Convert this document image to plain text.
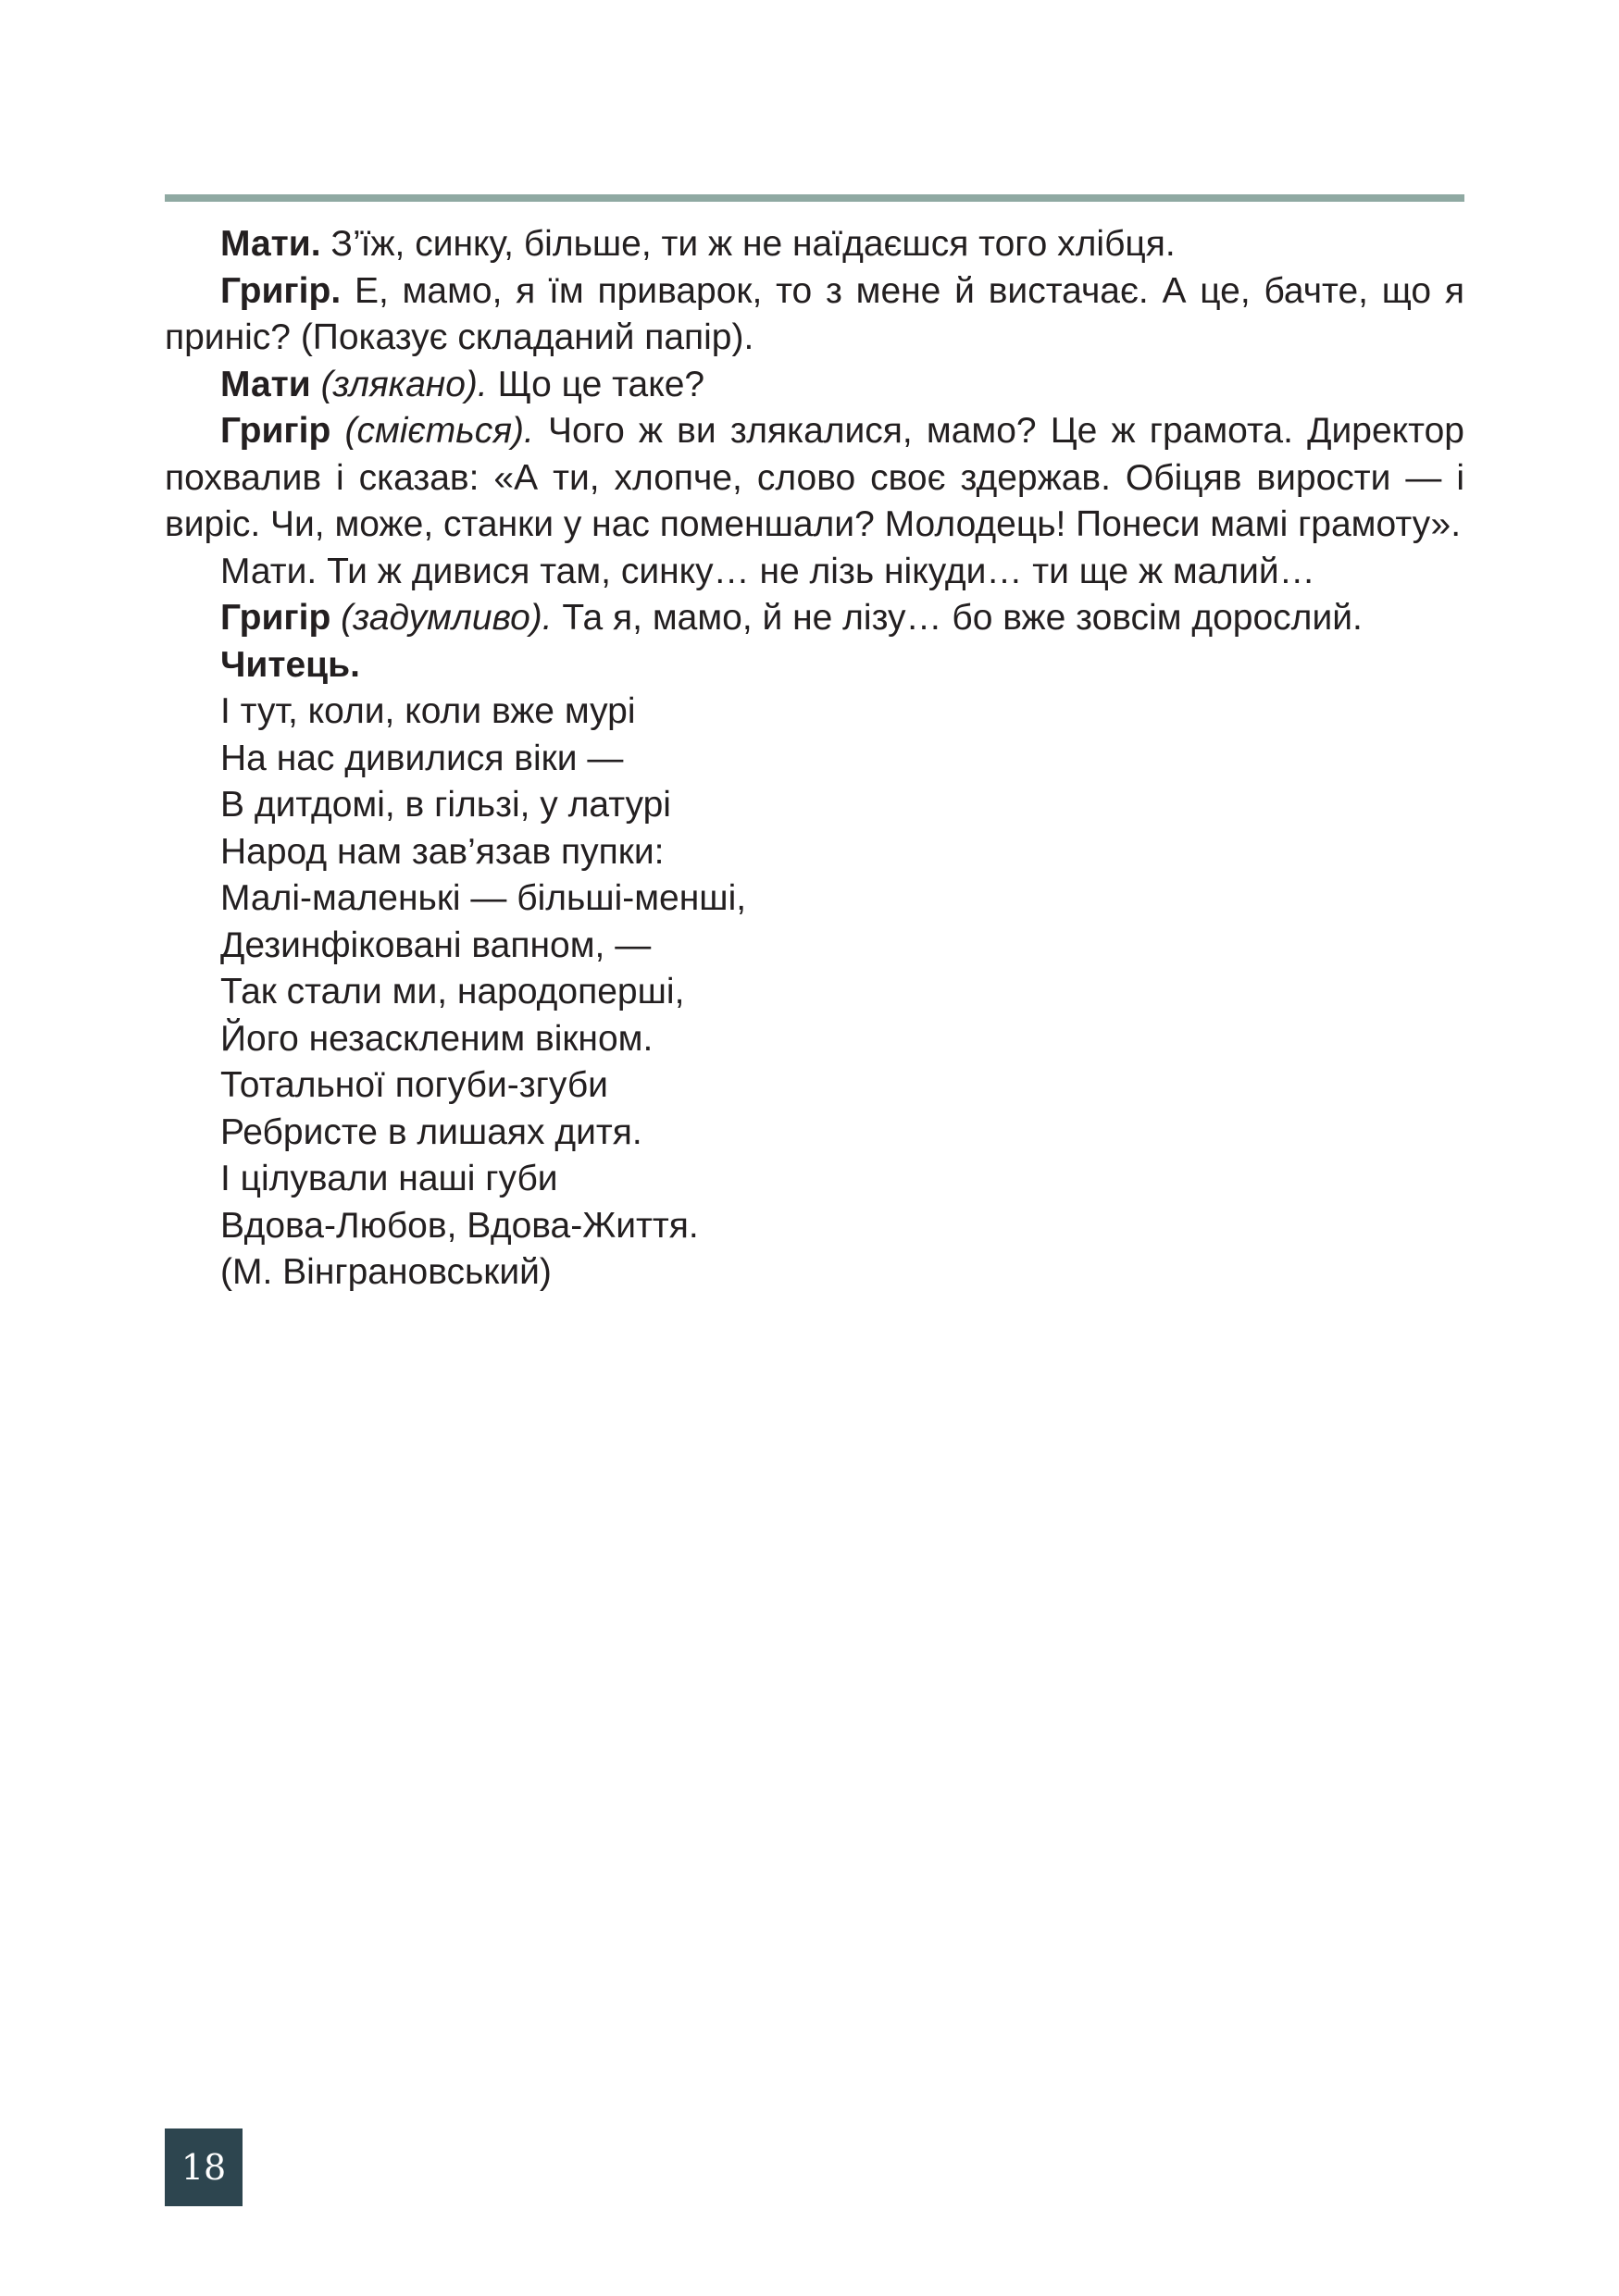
Мати. З’їж, синку, більше, ти ж не наїдаєшся того хлібця.

Григір. Е, мамо, я їм приварок, то з мене й вистачає. А це, бачте, що я приніс? (Показує складаний папір).

Мати (злякано). Що це таке?

Григір (сміється). Чого ж ви злякалися, мамо? Це ж грамота. Директор похвалив і сказав: «А ти, хлопче, слово своє здержав. Обіцяв вирости — і виріс. Чи, може, станки у нас поменшали? Молодець! Понеси мамі грамоту».

Мати. Ти ж дивися там, синку… не лізь нікуди… ти ще ж малий…

Григір (задумливо). Та я, мамо, й не лізу… бо вже зовсім дорослий.

Читець.

І тут, коли, коли вже мурі
На нас дивилися віки —
В дитдомі, в гільзі, у латурі
Народ нам зав’язав пупки:
Малі-маленькі — більші-менші,
Дезинфіковані вапном, —
Так стали ми, народоперші,
Його незаскленим вікном.
Тотальної погуби-згуби
Ребристе в лишаях дитя.
І цілували наші губи
Вдова-Любов, Вдова-Життя.
(М. Вінграновський)
18
